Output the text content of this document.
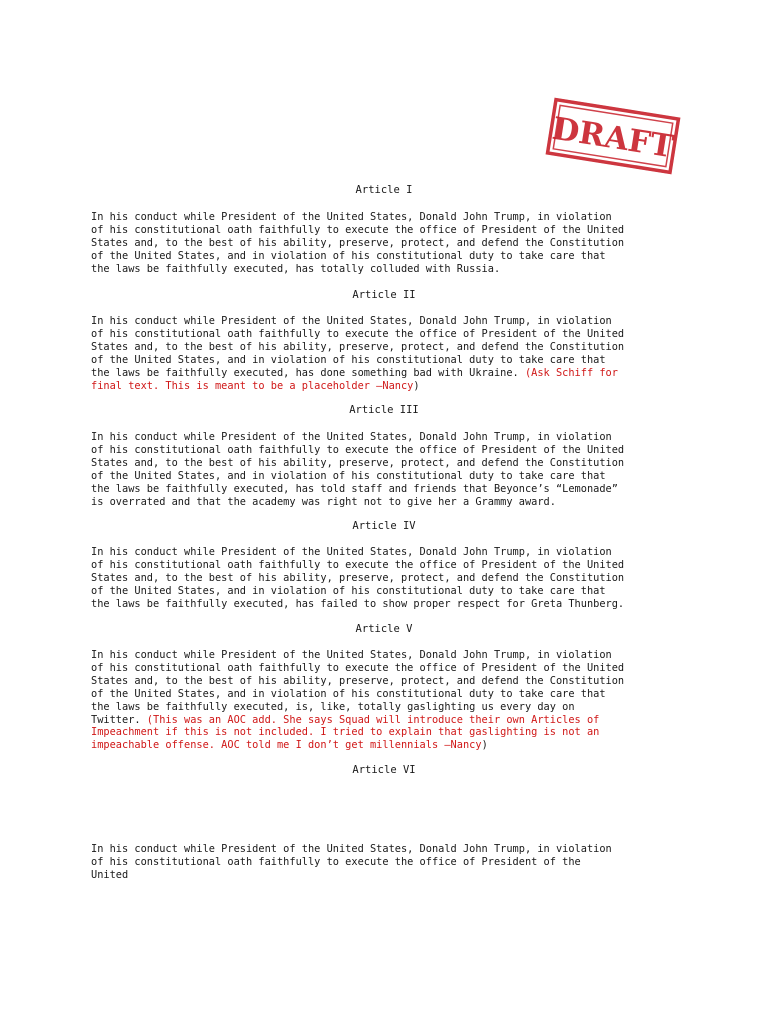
DRAFT
Article I
In his conduct while President of the United States, Donald John Trump, in violation
of his constitutional oath faithfully to execute the office of President of the United
States and, to the best of his ability, preserve, protect, and defend the Constitution
of the United States, and in violation of his constitutional duty to take care that
the laws be faithfully executed, has totally colluded with Russia.
Article II
In his conduct while President of the United States, Donald John Trump, in violation
of his constitutional oath faithfully to execute the office of President of the United
States and, to the best of his ability, preserve, protect, and defend the Constitution
of the United States, and in violation of his constitutional duty to take care that
the laws be faithfully executed, has done something bad with Ukraine. (Ask Schiff for
final text. This is meant to be a placeholder –Nancy)
Article III
In his conduct while President of the United States, Donald John Trump, in violation
of his constitutional oath faithfully to execute the office of President of the United
States and, to the best of his ability, preserve, protect, and defend the Constitution
of the United States, and in violation of his constitutional duty to take care that
the laws be faithfully executed, has told staff and friends that Beyonce’s “Lemonade”
is overrated and that the academy was right not to give her a Grammy award.
Article IV
In his conduct while President of the United States, Donald John Trump, in violation
of his constitutional oath faithfully to execute the office of President of the United
States and, to the best of his ability, preserve, protect, and defend the Constitution
of the United States, and in violation of his constitutional duty to take care that
the laws be faithfully executed, has failed to show proper respect for Greta Thunberg.
Article V
In his conduct while President of the United States, Donald John Trump, in violation
of his constitutional oath faithfully to execute the office of President of the United
States and, to the best of his ability, preserve, protect, and defend the Constitution
of the United States, and in violation of his constitutional duty to take care that
the laws be faithfully executed, is, like, totally gaslighting us every day on
Twitter. (This was an AOC add. She says Squad will introduce their own Articles of
Impeachment if this is not included. I tried to explain that gaslighting is not an
impeachable offense. AOC told me I don’t get millennials –Nancy)
Article VI
In his conduct while President of the United States, Donald John Trump, in violation
of his constitutional oath faithfully to execute the office of President of the
United
